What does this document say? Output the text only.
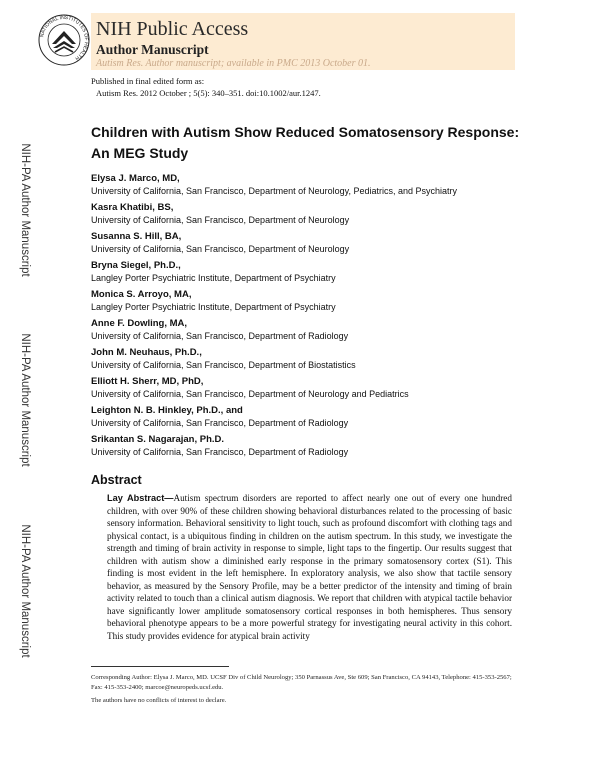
NATIONAL INSTITUTES OF HEALTH
NIH Public Access
Author Manuscript
Autism Res. Author manuscript; available in PMC 2013 October 01.
Published in final edited form as:
Autism Res. 2012 October ; 5(5): 340–351. doi:10.1002/aur.1247.
NIH-PA Author Manuscript
NIH-PA Author Manuscript
NIH-PA Author Manuscript
Children with Autism Show Reduced Somatosensory Response: An MEG Study
Elysa J. Marco, MD,
University of California, San Francisco, Department of Neurology, Pediatrics, and Psychiatry
Kasra Khatibi, BS,
University of California, San Francisco, Department of Neurology
Susanna S. Hill, BA,
University of California, San Francisco, Department of Neurology
Bryna Siegel, Ph.D.,
Langley Porter Psychiatric Institute, Department of Psychiatry
Monica S. Arroyo, MA,
Langley Porter Psychiatric Institute, Department of Psychiatry
Anne F. Dowling, MA,
University of California, San Francisco, Department of Radiology
John M. Neuhaus, Ph.D.,
University of California, San Francisco, Department of Biostatistics
Elliott H. Sherr, MD, PhD,
University of California, San Francisco, Department of Neurology and Pediatrics
Leighton N. B. Hinkley, Ph.D., and
University of California, San Francisco, Department of Radiology
Srikantan S. Nagarajan, Ph.D.
University of California, San Francisco, Department of Radiology
Abstract
Lay Abstract—Autism spectrum disorders are reported to affect nearly one out of every one hundred children, with over 90% of these children showing behavioral disturbances related to the processing of basic sensory information. Behavioral sensitivity to light touch, such as profound discomfort with clothing tags and physical contact, is a ubiquitous finding in children on the autism spectrum. In this study, we investigate the strength and timing of brain activity in response to simple, light taps to the fingertip. Our results suggest that children with autism show a diminished early response in the primary somatosensory cortex (S1). This finding is most evident in the left hemisphere. In exploratory analysis, we also show that tactile sensory behavior, as measured by the Sensory Profile, may be a better predictor of the intensity and timing of brain activity related to touch than a clinical autism diagnosis. We report that children with atypical tactile behavior have significantly lower amplitude somatosensory cortical responses in both hemispheres. Thus sensory behavioral phenotype appears to be a more powerful strategy for investigating neural activity in this cohort. This study provides evidence for atypical brain activity
Corresponding Author: Elysa J. Marco, MD. UCSF Div of Child Neurology; 350 Parnassus Ave, Ste 609; San Francisco, CA 94143, Telephone: 415-353-2567; Fax: 415-353-2400; marcoe@neuropeds.ucsf.edu.
The authors have no conflicts of interest to declare.
